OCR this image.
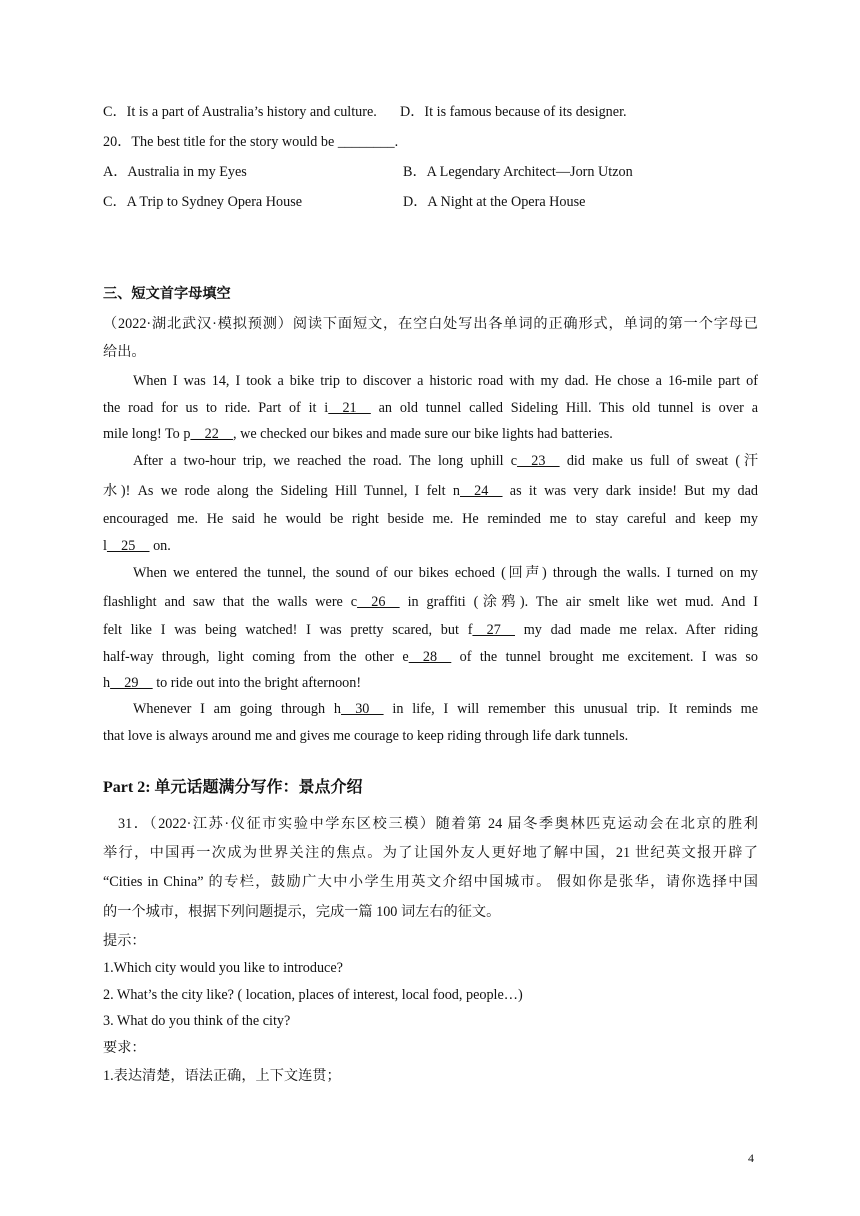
C．It is a part of Australia’s history and culture. D．It is famous because of its designer.
20．The best title for the story would be ________.
A．Australia in my Eyes	B．A Legendary Architect—Jorn Utzon
C．A Trip to Sydney Opera House	D．A Night at the Opera House
三、短文首字母填空
（2022·湖北武汉·模拟预测）阅读下面短文，在空白处写出各单词的正确形式，单词的第一个字母已
给出。
When I was 14, I took a bike trip to discover a historic road with my dad. He chose a 16-mile part of
the road for us to ride. Part of it i    21     an old tunnel called Sideling Hill. This old tunnel is over a
mile long! To p    22    , we checked our bikes and made sure our bike lights had batteries.
After a two-hour trip, we reached the road. The long uphill c    23     did make us full of sweat (汗
水)! As we rode along the Sideling Hill Tunnel, I felt n    24     as it was very dark inside! But my dad
encouraged me. He said he would be right beside me. He reminded me to stay careful and keep my
l    25     on.
When we entered the tunnel, the sound of our bikes echoed (回声) through the walls. I turned on my
flashlight and saw that the walls were c    26     in graffiti (涂鸦). The air smelt like wet mud. And I
felt like I was being watched! I was pretty scared, but f    27     my dad made me relax. After riding
half-way through, light coming from the other e    28     of the tunnel brought me excitement. I was so
h    29     to ride out into the bright afternoon!
Whenever I am going through h    30     in life, I will remember this unusual trip. It reminds me
that love is always around me and gives me courage to keep riding through life dark tunnels.
Part 2: 单元话题满分写作：景点介绍
31．（2022·江苏·仪征市实验中学东区校三模）随着第 24 届冬季奥林匹克运动会在北京的胜利
举行，中国再一次成为世界关注的焦点。为了让国外友人更好地了解中国，21 世纪英文报开辟了
“Cities in China” 的专栏，鼓励广大中小学生用英文介绍中国城市。 假如你是张华，请你选择中国
的一个城市，根据下列问题提示，完成一篇 100 词左右的征文。
提示：
1.Which city would you like to introduce?
2. What’s the city like? ( location, places of interest, local food, people…)
3. What do you think of the city?
要求：
1.表达清楚，语法正确，上下文连贯；
4
